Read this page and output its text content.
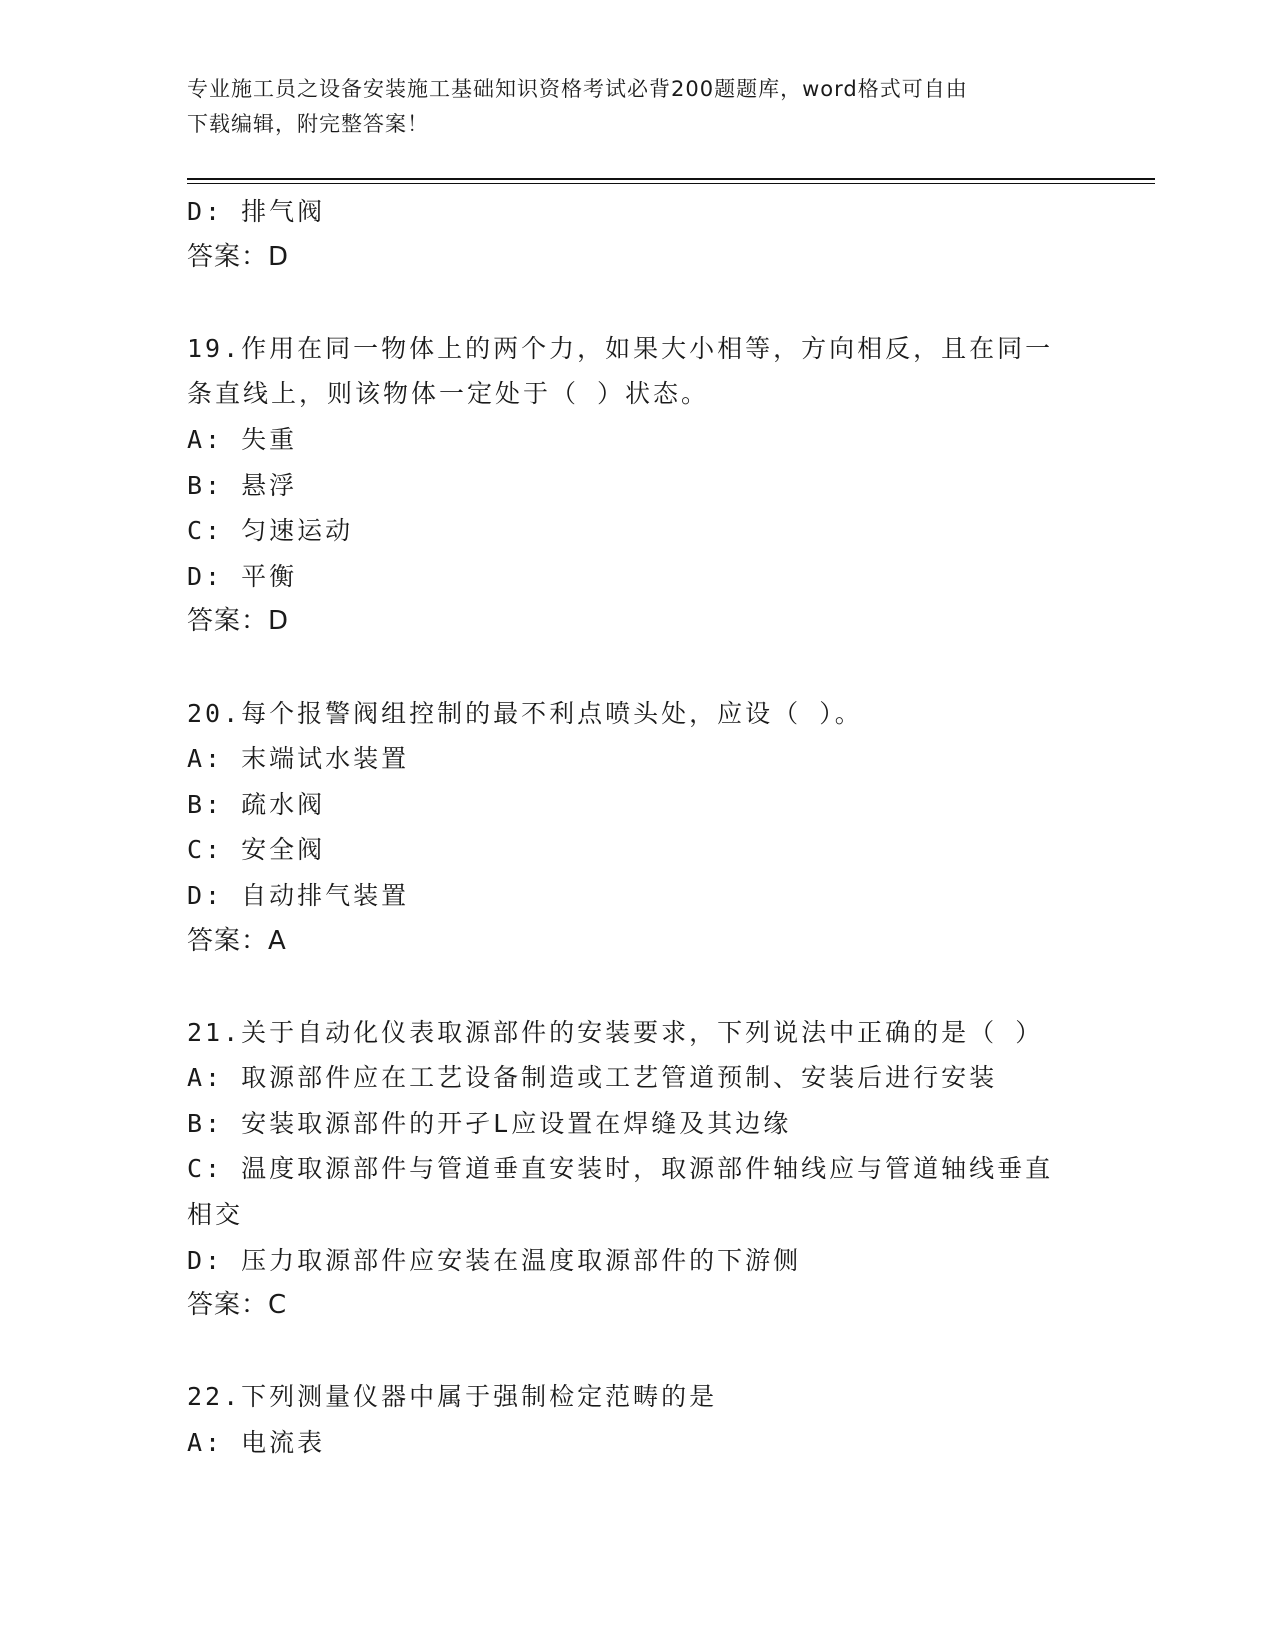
专业施工员之设备安装施工基础知识资格考试必背200题题库，word格式可自由
下载编辑，附完整答案！
D: 排气阀
答案：D
19.作用在同一物体上的两个力，如果大小相等，方向相反，且在同一
条直线上，则该物体一定处于（ ）状态。
A: 失重
B: 悬浮
C: 匀速运动
D: 平衡
答案：D
20.每个报警阀组控制的最不利点喷头处，应设（ ）。
A: 末端试水装置
B: 疏水阀
C: 安全阀
D: 自动排气装置
答案：A
21.关于自动化仪表取源部件的安装要求，下列说法中正确的是（ ）
A: 取源部件应在工艺设备制造或工艺管道预制、安装后进行安装
B: 安装取源部件的开孑L应设置在焊缝及其边缘
C: 温度取源部件与管道垂直安装时，取源部件轴线应与管道轴线垂直
相交
D: 压力取源部件应安装在温度取源部件的下游侧
答案：C
22.下列测量仪器中属于强制检定范畴的是
A: 电流表
